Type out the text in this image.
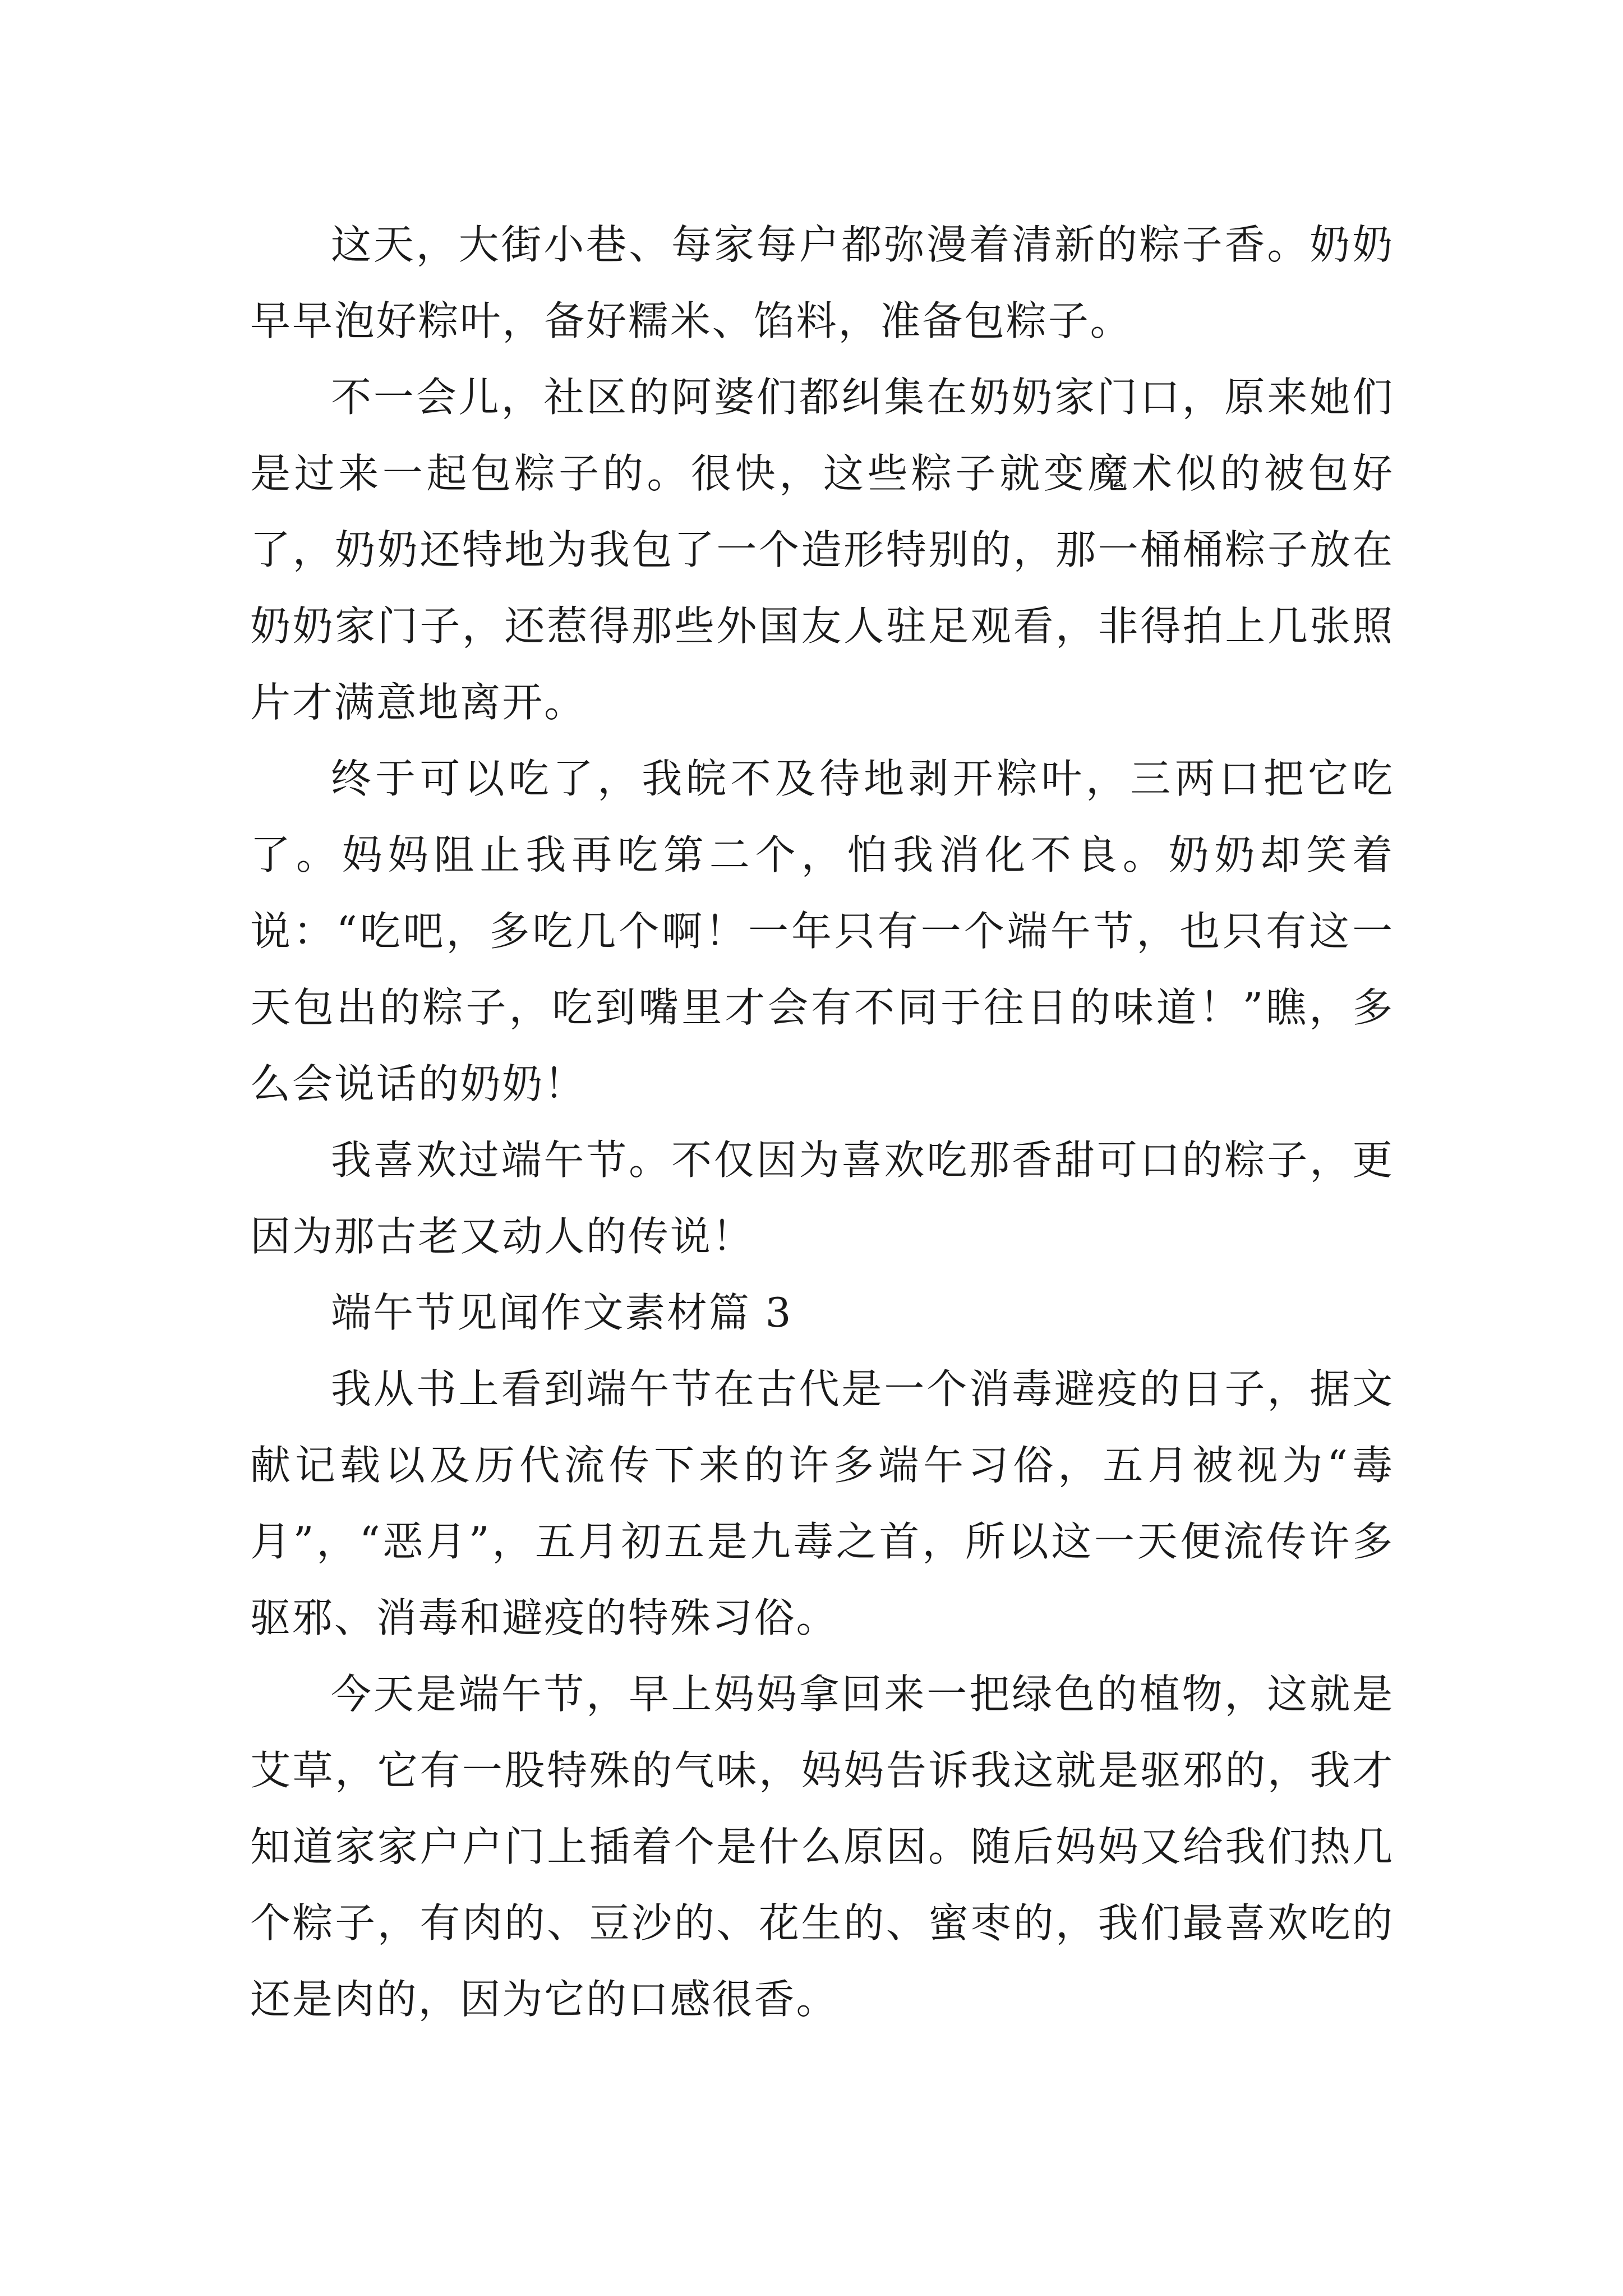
这天，大街小巷、每家每户都弥漫着清新的粽子香。奶奶早早泡好粽叶，备好糯米、馅料，准备包粽子。

不一会儿，社区的阿婆们都纠集在奶奶家门口，原来她们是过来一起包粽子的。很快，这些粽子就变魔术似的被包好了，奶奶还特地为我包了一个造形特别的，那一桶桶粽子放在奶奶家门子，还惹得那些外国友人驻足观看，非得拍上几张照片才满意地离开。

终于可以吃了，我皖不及待地剥开粽叶，三两口把它吃了。妈妈阻止我再吃第二个，怕我消化不良。奶奶却笑着说：“吃吧，多吃几个啊！一年只有一个端午节，也只有这一天包出的粽子，吃到嘴里才会有不同于往日的味道！”瞧，多么会说话的奶奶！

我喜欢过端午节。不仅因为喜欢吃那香甜可口的粽子，更因为那古老又动人的传说！

端午节见闻作文素材篇 3

我从书上看到端午节在古代是一个消毒避疫的日子，据文献记载以及历代流传下来的许多端午习俗，五月被视为“毒月”，“恶月”，五月初五是九毒之首，所以这一天便流传许多驱邪、消毒和避疫的特殊习俗。

今天是端午节，早上妈妈拿回来一把绿色的植物，这就是艾草，它有一股特殊的气味，妈妈告诉我这就是驱邪的，我才知道家家户户门上插着个是什么原因。随后妈妈又给我们热几个粽子，有肉的、豆沙的、花生的、蜜枣的，我们最喜欢吃的还是肉的，因为它的口感很香。
